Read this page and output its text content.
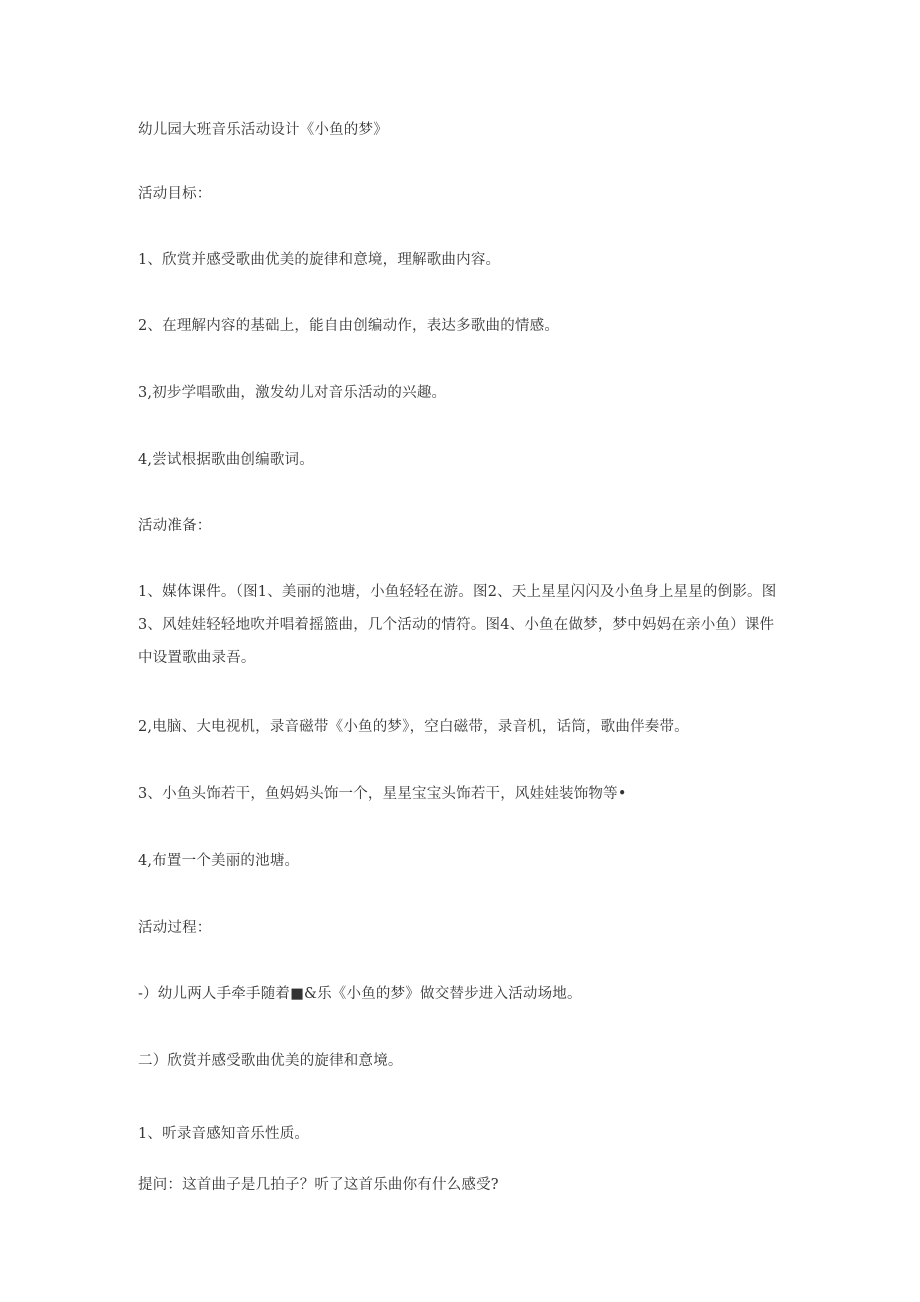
幼儿园大班音乐活动设计《小鱼的梦》
活动目标：
1、欣赏并感受歌曲优美的旋律和意境，理解歌曲内容。
2、在理解内容的基础上，能自由创编动作，表达多歌曲的情感。
3,初步学唱歌曲，激发幼儿对音乐活动的兴趣。
4,尝试根据歌曲创编歌词。
活动准备：
1、媒体课件。（图1、美丽的池塘，小鱼轻轻在游。图2、天上星星闪闪及小鱼身上星星的倒影。图3、风娃娃轻轻地吹并唱着摇篮曲，几个活动的情符。图4、小鱼在做梦，梦中妈妈在亲小鱼）课件中设置歌曲录吾。
2,电脑、大电视机，录音磁带《小鱼的梦》，空白磁带，录音机，话筒，歌曲伴奏带。
3、小鱼头饰若干，鱼妈妈头饰一个，星星宝宝头饰若干，风娃娃装饰物等•
4,布置一个美丽的池塘。
活动过程：
-）幼儿两人手牵手随着■&乐《小鱼的梦》做交替步进入活动场地。
二）欣赏并感受歌曲优美的旋律和意境。
1、听录音感知音乐性质。
提问：这首曲子是几拍子？听了这首乐曲你有什么感受?
